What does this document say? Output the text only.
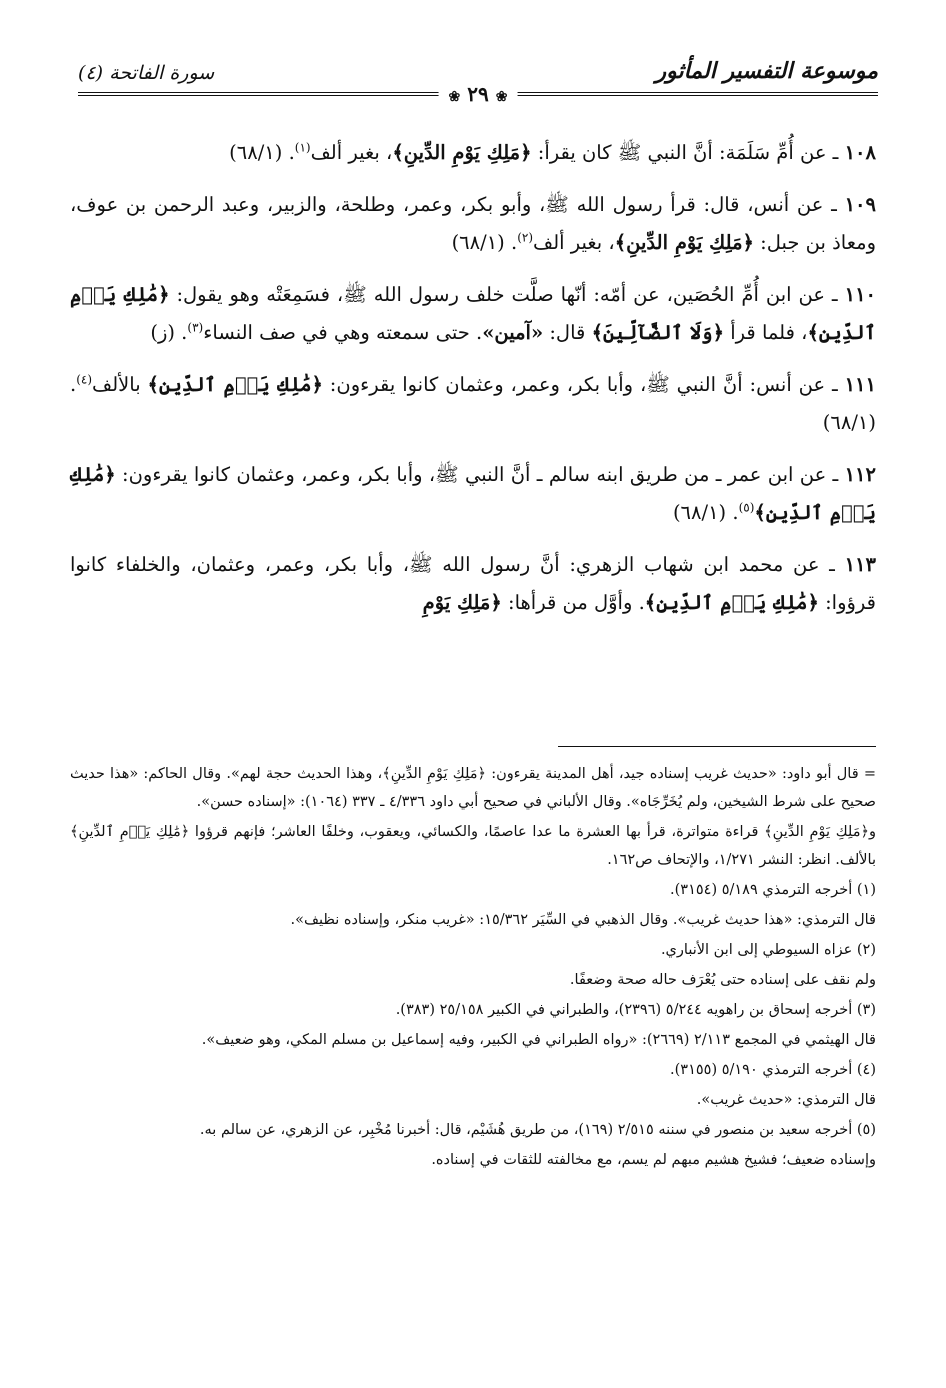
موسوعة التفسير المأثور
سورة الفاتحة (٤)
❀ ٢٩ ❀

١٠٨ ـ عن أُمِّ سَلَمَة: أنَّ النبي ﷺ كان يقرأ: ﴿مَلِكِ يَوْمِ الدِّينِ﴾، بغير ألف$^{(١)}$. (٦٨/١)

١٠٩ ـ عن أنس، قال: قرأ رسول الله ﷺ، وأبو بكر، وعمر، وطلحة، والزبير، وعبد الرحمن بن عوف، ومعاذ بن جبل: ﴿مَلِكِ يَوْمِ الدِّينِ﴾، بغير ألف$^{(٢)}$. (٦٨/١)

١١٠ ـ عن ابن أُمِّ الحُصَين، عن أمّه: أنّها صلَّت خلف رسول الله ﷺ، فسَمِعَتْه وهو يقول: ﴿مَٰلِكِ يَوۡمِ ٱلدِّينِ﴾، فلما قرأ ﴿وَلَا ٱلضَّآلِّينَ﴾ قال: «آمين». حتى سمعته وهي في صف النساء$^{(٣)}$. (ز)

١١١ ـ عن أنس: أنَّ النبي ﷺ، وأبا بكر، وعمر، وعثمان كانوا يقرءون: ﴿مَٰلِكِ يَوۡمِ ٱلدِّينِ﴾ بالألف$^{(٤)}$. (٦٨/١)

١١٢ ـ عن ابن عمر ـ من طريق ابنه سالم ـ أنَّ النبي ﷺ، وأبا بكر، وعمر، وعثمان كانوا يقرءون: ﴿مَٰلِكِ يَوۡمِ ٱلدِّينِ﴾$^{(٥)}$. (٦٨/١)

١١٣ ـ عن محمد ابن شهاب الزهري: أنَّ رسول الله ﷺ، وأبا بكر، وعمر، وعثمان، والخلفاء كانوا قرؤوا: ﴿مَٰلِكِ يَوۡمِ ٱلدِّينِ﴾. وأوَّل من قرأها: ﴿مَلِكِ يَوْمِ

= قال أبو داود: «حديث غريب إسناده جيد، أهل المدينة يقرءون: ﴿مَلِكِ يَوْمِ الدِّينِ﴾، وهذا الحديث حجة لهم». وقال الحاكم: «هذا حديث صحيح على شرط الشيخين، ولم يُخَرِّجَاه». وقال الألباني في صحيح أبي داود ٤/٣٣٦ ـ ٣٣٧ (١٠٦٤): «إسناده حسن».

و﴿مَلِكِ يَوْمِ الدِّينِ﴾ قراءة متواترة، قرأ بها العشرة ما عدا عاصمًا، والكسائي، ويعقوب، وخلفًا العاشر؛ فإنهم قرؤوا ﴿مَٰلِكِ يَوۡمِ ٱلدِّينِ﴾ بالألف. انظر: النشر ١/٢٧١، والإتحاف ص١٦٢.

(١) أخرجه الترمذي ٥/١٨٩ (٣١٥٤).

قال الترمذي: «هذا حديث غريب». وقال الذهبي في السِّيَر ١٥/٣٦٢: «غريب منكر، وإسناده نظيف».

(٢) عزاه السيوطي إلى ابن الأنباري.

ولم نقف على إسناده حتى يُعْرَف حاله صحة وضعفًا.

(٣) أخرجه إسحاق بن راهويه ٥/٢٤٤ (٢٣٩٦)، والطبراني في الكبير ٢٥/١٥٨ (٣٨٣).

قال الهيثمي في المجمع ٢/١١٣ (٢٦٦٩): «رواه الطبراني في الكبير، وفيه إسماعيل بن مسلم المكي، وهو ضعيف».

(٤) أخرجه الترمذي ٥/١٩٠ (٣١٥٥).

قال الترمذي: «حديث غريب».

(٥) أخرجه سعيد بن منصور في سننه ٢/٥١٥ (١٦٩)، من طريق هُشَيْم، قال: أخبرنا مُخْبِر، عن الزهري، عن سالم به.

وإسناده ضعيف؛ فشيخ هشيم مبهم لم يسم، مع مخالفته للثقات في إسناده.
